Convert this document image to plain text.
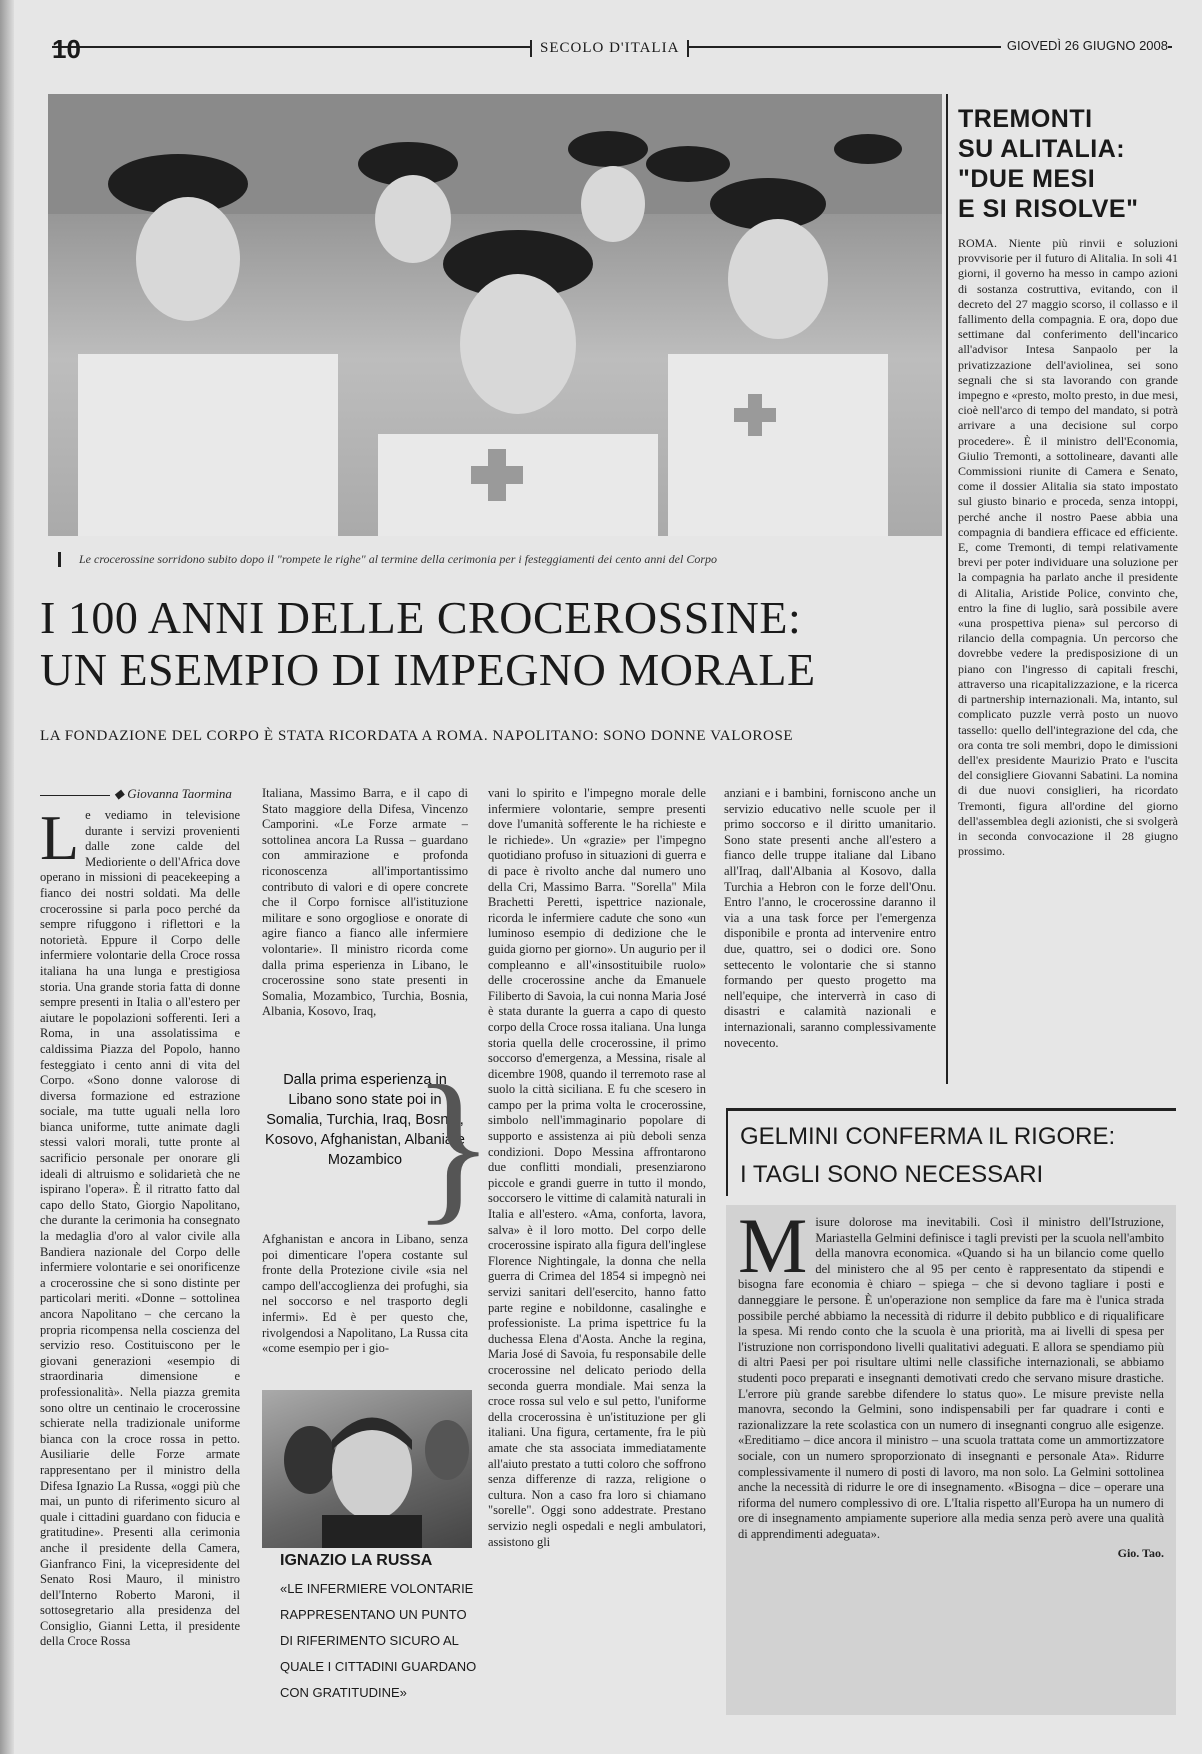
10	SECOLO D'ITALIA	GIOVEDÌ 26 GIUGNO 2008
Le crocerossine sorridono subito dopo il "rompete le righe" al termine della cerimonia per i festeggiamenti dei cento anni del Corpo
I 100 ANNI DELLE CROCEROSSINE:
UN ESEMPIO DI IMPEGNO MORALE
LA FONDAZIONE DEL CORPO È STATA RICORDATA A ROMA. NAPOLITANO: SONO DONNE VALOROSE
◆ Giovanna Taormina
L e vediamo in televisione durante i servizi provenienti dalle zone calde del Medioriente o dell'Africa dove operano in missioni di peacekeeping a fianco dei nostri soldati. Ma delle crocerossine si parla poco perché da sempre rifuggono i riflettori e la notorietà. Eppure il Corpo delle infermiere volontarie della Croce rossa italiana ha una lunga e prestigiosa storia. Una grande storia fatta di donne sempre presenti in Italia o all'estero per aiutare le popolazioni sofferenti. Ieri a Roma, in una assolatissima e caldissima Piazza del Popolo, hanno festeggiato i cento anni di vita del Corpo. «Sono donne valorose di diversa formazione ed estrazione sociale, ma tutte uguali nella loro bianca uniforme, tutte animate dagli stessi valori morali, tutte pronte al sacrificio personale per onorare gli ideali di altruismo e solidarietà che ne ispirano l'opera». È il ritratto fatto dal capo dello Stato, Giorgio Napolitano, che durante la cerimonia ha consegnato la medaglia d'oro al valor civile alla Bandiera nazionale del Corpo delle infermiere volontarie e sei onorificenze a crocerossine che si sono distinte per particolari meriti. «Donne – sottolinea ancora Napolitano – che cercano la propria ricompensa nella coscienza del servizio reso. Costituiscono per le giovani generazioni «esempio di straordinaria dimensione e professionalità». Nella piazza gremita sono oltre un centinaio le crocerossine schierate nella tradizionale uniforme bianca con la croce rossa in petto. Ausiliarie delle Forze armate rappresentano per il ministro della Difesa Ignazio La Russa, «oggi più che mai, un punto di riferimento sicuro al quale i cittadini guardano con fiducia e gratitudine». Presenti alla cerimonia anche il presidente della Camera, Gianfranco Fini, la vicepresidente del Senato Rosi Mauro, il ministro dell'Interno Roberto Maroni, il sottosegretario alla presidenza del Consiglio, Gianni Letta, il presidente della Croce Rossa
Italiana, Massimo Barra, e il capo di Stato maggiore della Difesa, Vincenzo Camporini. «Le Forze armate – sottolinea ancora La Russa – guardano con ammirazione e profonda riconoscenza all'importantissimo contributo di valori e di opere concrete che il Corpo fornisce all'istituzione militare e sono orgogliose e onorate di agire fianco a fianco alle infermiere volontarie». Il ministro ricorda come dalla prima esperienza in Libano, le crocerossine sono state presenti in Somalia, Mozambico, Turchia, Bosnia, Albania, Kosovo, Iraq,
Dalla prima esperienza in Libano sono state poi in Somalia, Turchia, Iraq, Bosnia, Kosovo, Afghanistan, Albania e Mozambico }
Afghanistan e ancora in Libano, senza poi dimenticare l'opera costante sul fronte della Protezione civile «sia nel campo dell'accoglienza dei profughi, sia nel soccorso e nel trasporto degli infermi». Ed è per questo che, rivolgendosi a Napolitano, La Russa cita «come esempio per i gio-
IGNAZIO LA RUSSA
«LE INFERMIERE VOLONTARIE RAPPRESENTANO UN PUNTO DI RIFERIMENTO SICURO AL QUALE I CITTADINI GUARDANO CON GRATITUDINE»
vani lo spirito e l'impegno morale delle infermiere volontarie, sempre presenti dove l'umanità sofferente le ha richieste e le richiede». Un «grazie» per l'impegno quotidiano profuso in situazioni di guerra e di pace è rivolto anche dal numero uno della Cri, Massimo Barra. "Sorella" Mila Brachetti Peretti, ispettrice nazionale, ricorda le infermiere cadute che sono «un luminoso esempio di dedizione che le guida giorno per giorno». Un augurio per il compleanno e all'«insostituibile ruolo» delle crocerossine anche da Emanuele Filiberto di Savoia, la cui nonna Maria José è stata durante la guerra a capo di questo corpo della Croce rossa italiana. Una lunga storia quella delle crocerossine, il primo soccorso d'emergenza, a Messina, risale al dicembre 1908, quando il terremoto rase al suolo la città siciliana. E fu che scesero in campo per la prima volta le crocerossine, simbolo nell'immaginario popolare di supporto e assistenza ai più deboli senza condizioni. Dopo Messina affrontarono due conflitti mondiali, presenziarono piccole e grandi guerre in tutto il mondo, soccorsero le vittime di calamità naturali in Italia e all'estero. «Ama, conforta, lavora, salva» è il loro motto. Del corpo delle crocerossine ispirato alla figura dell'inglese Florence Nightingale, la donna che nella guerra di Crimea del 1854 si impegnò nei servizi sanitari dell'esercito, hanno fatto parte regine e nobildonne, casalinghe e professioniste. La prima ispettrice fu la duchessa Elena d'Aosta. Anche la regina, Maria José di Savoia, fu responsabile delle crocerossine nel delicato periodo della seconda guerra mondiale. Mai senza la croce rossa sul velo e sul petto, l'uniforme della crocerossina è un'istituzione per gli italiani. Una figura, certamente, fra le più amate che sta associata immediatamente all'aiuto prestato a tutti coloro che soffrono senza differenze di razza, religione o cultura. Non a caso fra loro si chiamano "sorelle". Oggi sono addestrate. Prestano servizio negli ospedali e negli ambulatori, assistono gli
anziani e i bambini, forniscono anche un servizio educativo nelle scuole per il primo soccorso e il diritto umanitario. Sono state presenti anche all'estero a fianco delle truppe italiane dal Libano all'Iraq, dall'Albania al Kosovo, dalla Turchia a Hebron con le forze dell'Onu. Entro l'anno, le crocerossine daranno il via a una task force per l'emergenza disponibile e pronta ad intervenire entro due, quattro, sei o dodici ore. Sono settecento le volontarie che si stanno formando per questo progetto ma nell'equipe, che interverrà in caso di disastri e calamità nazionali e internazionali, saranno complessivamente novecento.
TREMONTI
SU ALITALIA:
"DUE MESI
E SI RISOLVE"
ROMA. Niente più rinvii e soluzioni provvisorie per il futuro di Alitalia. In soli 41 giorni, il governo ha messo in campo azioni di sostanza costruttiva, evitando, con il decreto del 27 maggio scorso, il collasso e il fallimento della compagnia. E ora, dopo due settimane dal conferimento dell'incarico all'advisor Intesa Sanpaolo per la privatizzazione dell'aviolinea, sei sono segnali che si sta lavorando con grande impegno e «presto, molto presto, in due mesi, cioè nell'arco di tempo del mandato, si potrà arrivare a una decisione sul corpo procedere». È il ministro dell'Economia, Giulio Tremonti, a sottolineare, davanti alle Commissioni riunite di Camera e Senato, come il dossier Alitalia sia stato impostato sul giusto binario e proceda, senza intoppi, perché anche il nostro Paese abbia una compagnia di bandiera efficace ed efficiente. E, come Tremonti, di tempi relativamente brevi per poter individuare una soluzione per la compagnia ha parlato anche il presidente di Alitalia, Aristide Police, convinto che, entro la fine di luglio, sarà possibile avere «una prospettiva piena» sul percorso di rilancio della compagnia. Un percorso che dovrebbe vedere la predisposizione di un piano con l'ingresso di capitali freschi, attraverso una ricapitalizzazione, e la ricerca di partnership internazionali. Ma, intanto, sul complicato puzzle verrà posto un nuovo tassello: quello dell'integrazione del cda, che ora conta tre soli membri, dopo le dimissioni dell'ex presidente Maurizio Prato e l'uscita del consigliere Giovanni Sabatini. La nomina di due nuovi consiglieri, ha ricordato Tremonti, figura all'ordine del giorno dell'assemblea degli azionisti, che si svolgerà in seconda convocazione il 28 giugno prossimo.
GELMINI CONFERMA IL RIGORE:
I TAGLI SONO NECESSARI
M isure dolorose ma inevitabili. Così il ministro dell'Istruzione, Mariastella Gelmini definisce i tagli previsti per la scuola nell'ambito della manovra economica. «Quando si ha un bilancio come quello del ministero che al 95 per cento è rappresentato da stipendi e bisogna fare economia è chiaro – spiega – che si devono tagliare i posti e danneggiare le persone. È un'operazione non semplice da fare ma è l'unica strada possibile perché abbiamo la necessità di ridurre il debito pubblico e di riqualificare la spesa. Mi rendo conto che la scuola è una priorità, ma ai livelli di spesa per l'istruzione non corrispondono livelli qualitativi adeguati. E allora se spendiamo più di altri Paesi per poi risultare ultimi nelle classifiche internazionali, se abbiamo studenti poco preparati e insegnanti demotivati credo che servano misure drastiche. L'errore più grande sarebbe difendere lo status quo». Le misure previste nella manovra, secondo la Gelmini, sono indispensabili per far quadrare i conti e razionalizzare la rete scolastica con un numero di insegnanti congruo alle esigenze. «Ereditiamo – dice ancora il ministro – una scuola trattata come un ammortizzatore sociale, con un numero sproporzionato di insegnanti e personale Ata». Ridurre complessivamente il numero di posti di lavoro, ma non solo. La Gelmini sottolinea anche la necessità di ridurre le ore di insegnamento. «Bisogna – dice – operare una riforma del numero complessivo di ore. L'Italia rispetto all'Europa ha un numero di ore di insegnamento ampiamente superiore alla media senza però avere una qualità di apprendimenti adeguata».
Gio. Tao.
